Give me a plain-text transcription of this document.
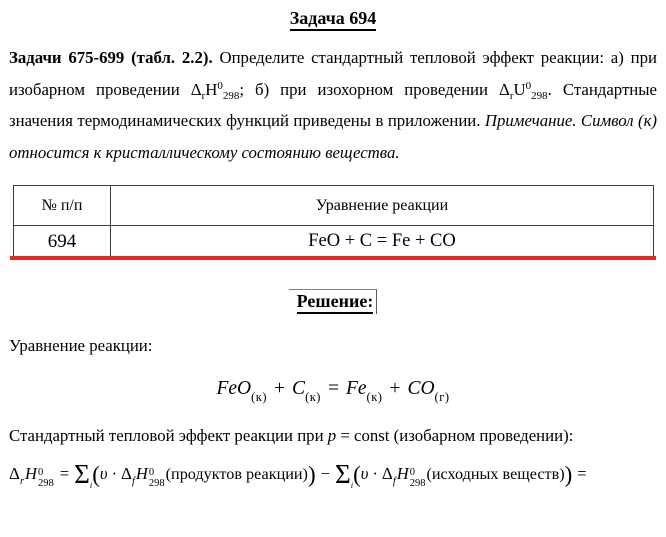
Задача 694

Задачи 675-699 (табл. 2.2). Определите стандартный тепловой эффект реакции: а) при изобарном проведении $\Delta_rH^0_{298}$; б) при изохорном проведении $\Delta_rU^0_{298}$. Стандартные значения термодинамических функций приведены в приложении. Примечание. Символ (к) относится к кристаллическому состоянию вещества.

№ п/п	Уравнение реакции
694	FeO + C = Fe + CO
Решение:

Уравнение реакции:

$FeO_{(к)} + C_{(к)} = Fe_{(к)} + CO_{(г)}$

Стандартный тепловой эффект реакции при p = const (изобарном проведении):

$\Delta_rH$ 0
298
= $\Sigma_i(\upsilon \cdot \Delta_fH$ 0
298
(продуктов реакции)) − $\Sigma_i(\upsilon \cdot \Delta_fH$ 0
298
(исходных веществ)) =
